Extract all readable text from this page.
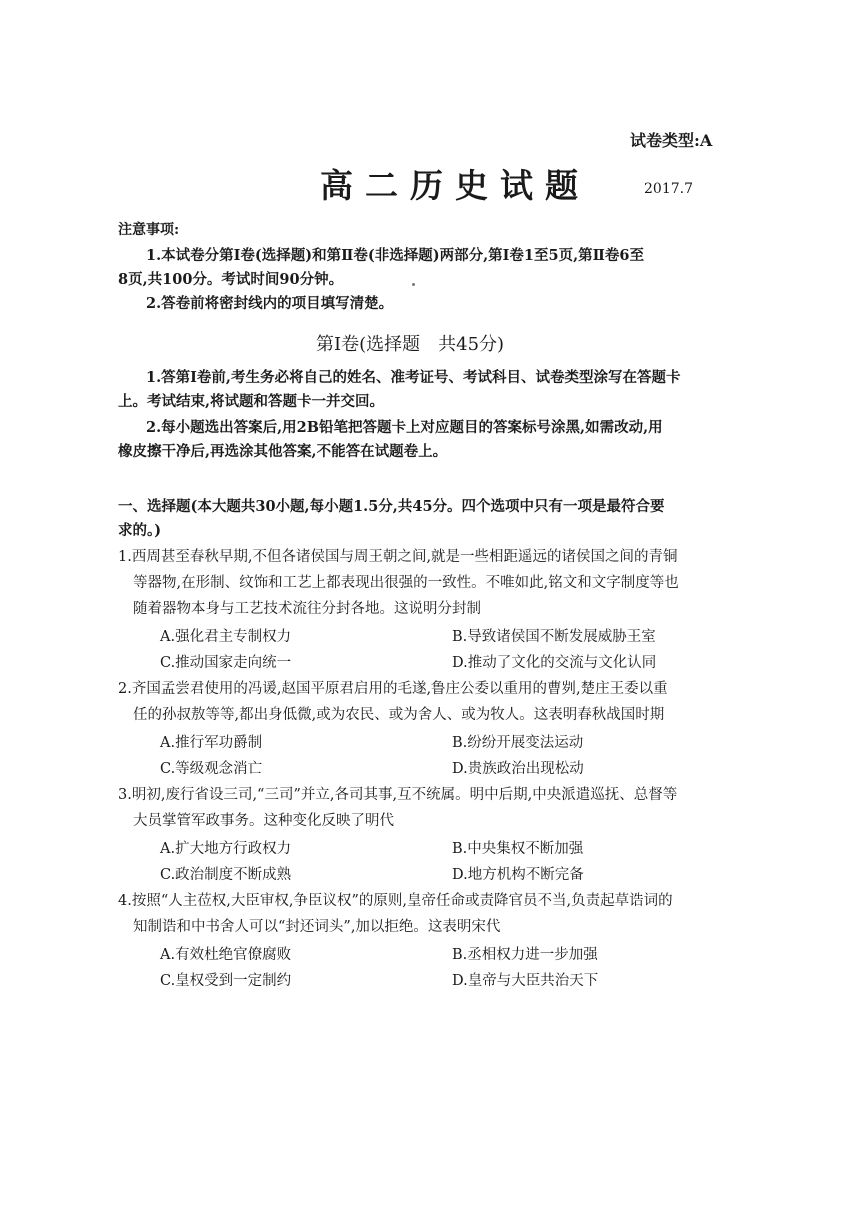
试卷类型:A
高二历史试题	2017.7
注意事项:
1.本试卷分第Ⅰ卷(选择题)和第Ⅱ卷(非选择题)两部分,第Ⅰ卷1至5页,第Ⅱ卷6至
8页,共100分。考试时间90分钟。
2.答卷前将密封线内的项目填写清楚。
第Ⅰ卷(选择题　共45分)
1.答第Ⅰ卷前,考生务必将自己的姓名、准考证号、考试科目、试卷类型涂写在答题卡
上。考试结束,将试题和答题卡一并交回。
2.每小题选出答案后,用2B铅笔把答题卡上对应题目的答案标号涂黑,如需改动,用
橡皮擦干净后,再选涂其他答案,不能答在试题卷上。
一、选择题(本大题共30小题,每小题1.5分,共45分。四个选项中只有一项是最符合要
求的。)
1.西周甚至春秋早期,不但各诸侯国与周王朝之间,就是一些相距遥远的诸侯国之间的青铜
等器物,在形制、纹饰和工艺上都表现出很强的一致性。不唯如此,铭文和文字制度等也
随着器物本身与工艺技术流往分封各地。这说明分封制
A.强化君主专制权力	B.导致诸侯国不断发展威胁王室
C.推动国家走向统一	D.推动了文化的交流与文化认同
2.齐国孟尝君使用的冯谖,赵国平原君启用的毛遂,鲁庄公委以重用的曹刿,楚庄王委以重
任的孙叔敖等等,都出身低微,或为农民、或为舍人、或为牧人。这表明春秋战国时期
A.推行军功爵制	B.纷纷开展变法运动
C.等级观念消亡	D.贵族政治出现松动
3.明初,废行省设三司,“三司”并立,各司其事,互不统属。明中后期,中央派遣巡抚、总督等
大员掌管军政事务。这种变化反映了明代
A.扩大地方行政权力	B.中央集权不断加强
C.政治制度不断成熟	D.地方机构不断完备
4.按照“人主莅权,大臣审权,争臣议权”的原则,皇帝任命或责降官员不当,负责起草诰词的
知制诰和中书舍人可以“封还词头”,加以拒绝。这表明宋代
A.有效杜绝官僚腐败	B.丞相权力进一步加强
C.皇权受到一定制约	D.皇帝与大臣共治天下
